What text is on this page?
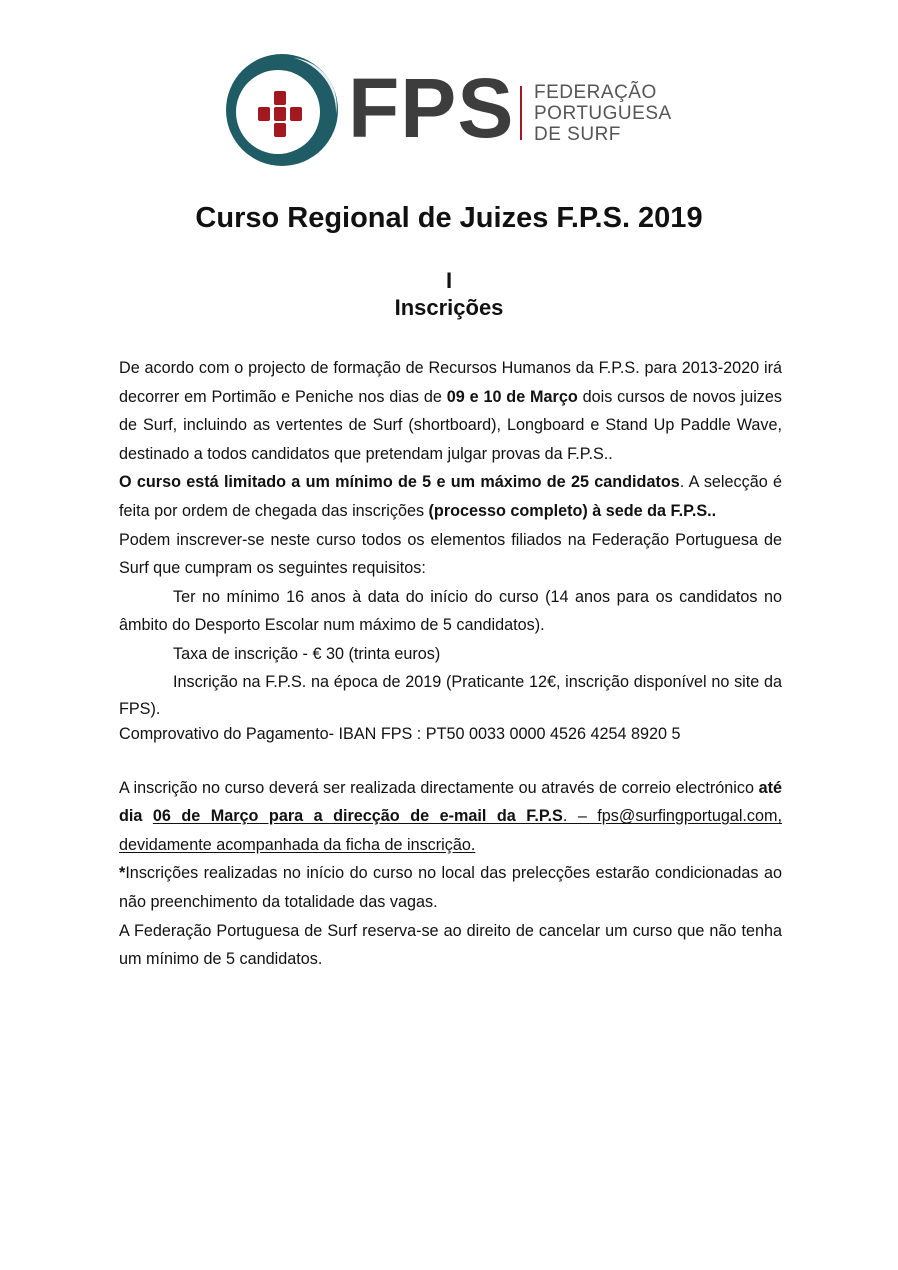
FPS FEDERAÇÃO
PORTUGUESA
DE SURF
Curso Regional de Juizes F.P.S. 2019
I
Inscrições

De acordo com o projecto de formação de Recursos Humanos da F.P.S. para 2013-2020 irá decorrer em Portimão e Peniche nos dias de 09 e 10 de Março dois cursos de novos juizes de Surf, incluindo as vertentes de Surf (shortboard), Longboard e Stand Up Paddle Wave, destinado a todos candidatos que pretendam julgar provas da F.P.S..

O curso está limitado a um mínimo de 5 e um máximo de 25 candidatos. A selecção é feita por ordem de chegada das inscrições (processo completo) à sede da F.P.S..

Podem inscrever-se neste curso todos os elementos filiados na Federação Portuguesa de Surf que cumpram os seguintes requisitos:

Ter no mínimo 16 anos à data do início do curso (14 anos para os candidatos no âmbito do Desporto Escolar num máximo de 5 candidatos).

Taxa de inscrição - € 30 (trinta euros)

Inscrição na F.P.S. na época de 2019 (Praticante 12€, inscrição disponível no site da FPS).

Comprovativo do Pagamento- IBAN FPS : PT50 0033 0000 4526 4254 8920 5

A inscrição no curso deverá ser realizada directamente ou através de correio electrónico até dia 06 de Março para a direcção de e-mail da F.P.S. – fps@surfingportugal.com, devidamente acompanhada da ficha de inscrição.

*Inscrições realizadas no início do curso no local das prelecções estarão condicionadas ao não preenchimento da totalidade das vagas.

A Federação Portuguesa de Surf reserva-se ao direito de cancelar um curso que não tenha um mínimo de 5 candidatos.
